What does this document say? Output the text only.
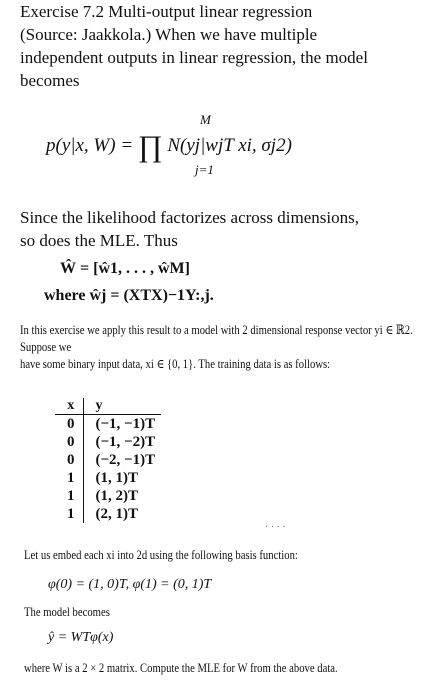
Exercise 7.2 Multi-output linear regression
(Source: Jaakkola.) When we have multiple
independent outputs in linear regression, the model
becomes
M
p(y|x, W) = ∏ N(yj|wjT xi, σj2)
j=1
Since the likelihood factorizes across dimensions,
so does the MLE. Thus
Ŵ = [ŵ1, . . . , ŵM]
where ŵj = (XTX)−1Y:,j.
In this exercise we apply this result to a model with 2 dimensional response vector yi ∈ ℝ2. Suppose we
have some binary input data, xi ∈ {0, 1}. The training data is as follows:
x	y
0	(−1, −1)T
0	(−1, −2)T
0	(−2, −1)T
1	(1, 1)T
1	(1, 2)T
1	(2, 1)T
· · · ·
Let us embed each xi into 2d using the following basis function:
φ(0) = (1, 0)T, φ(1) = (0, 1)T
The model becomes
ŷ = WTφ(x)
where W is a 2 × 2 matrix. Compute the MLE for W from the above data.
